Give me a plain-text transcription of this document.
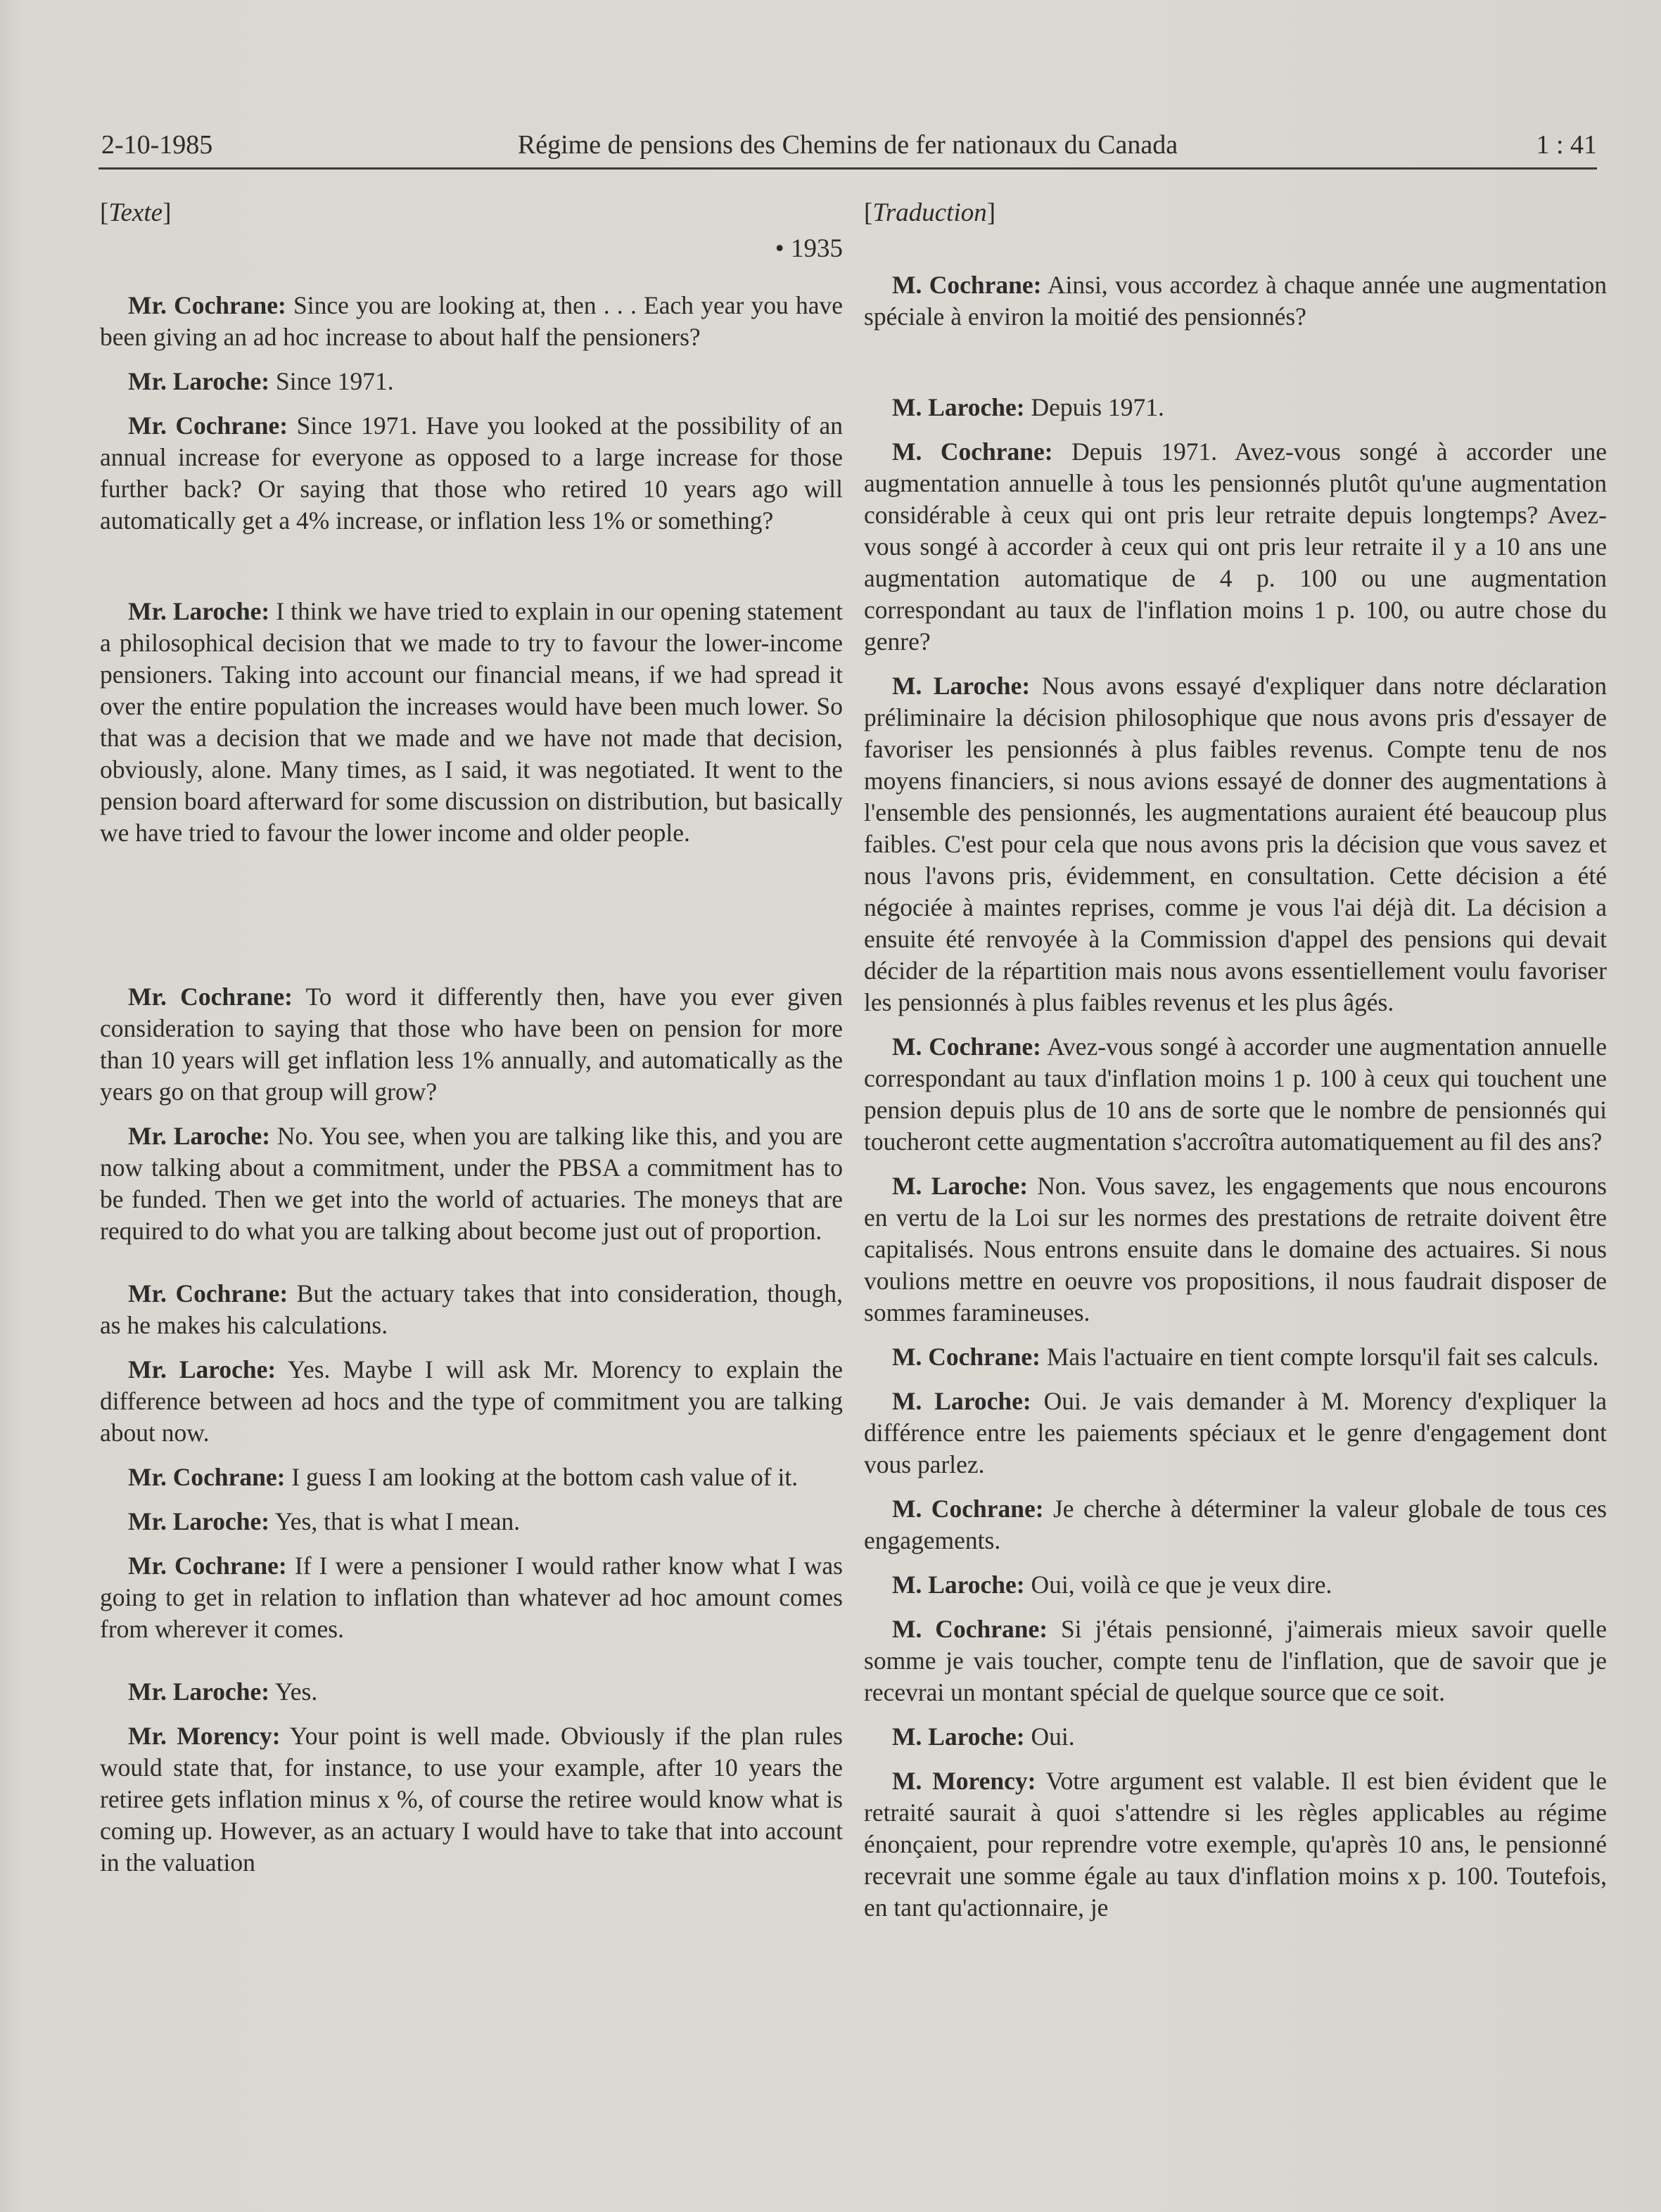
2-10-1985	Régime de pensions des Chemins de fer nationaux du Canada	1 : 41
[Texte]
• 1935

Mr. Cochrane: Since you are looking at, then . . . Each year you have been giving an ad hoc increase to about half the pensioners?

Mr. Laroche: Since 1971.

Mr. Cochrane: Since 1971. Have you looked at the possibility of an annual increase for everyone as opposed to a large increase for those further back? Or saying that those who retired 10 years ago will automatically get a 4% increase, or inflation less 1% or something?

Mr. Laroche: I think we have tried to explain in our opening statement a philosophical decision that we made to try to favour the lower-income pensioners. Taking into account our financial means, if we had spread it over the entire population the increases would have been much lower. So that was a decision that we made and we have not made that decision, obviously, alone. Many times, as I said, it was negotiated. It went to the pension board afterward for some discussion on distribution, but basically we have tried to favour the lower income and older people.

Mr. Cochrane: To word it differently then, have you ever given consideration to saying that those who have been on pension for more than 10 years will get inflation less 1% annually, and automatically as the years go on that group will grow?

Mr. Laroche: No. You see, when you are talking like this, and you are now talking about a commitment, under the PBSA a commitment has to be funded. Then we get into the world of actuaries. The moneys that are required to do what you are talking about become just out of proportion.

Mr. Cochrane: But the actuary takes that into consideration, though, as he makes his calculations.

Mr. Laroche: Yes. Maybe I will ask Mr. Morency to explain the difference between ad hocs and the type of commitment you are talking about now.

Mr. Cochrane: I guess I am looking at the bottom cash value of it.

Mr. Laroche: Yes, that is what I mean.

Mr. Cochrane: If I were a pensioner I would rather know what I was going to get in relation to inflation than whatever ad hoc amount comes from wherever it comes.

Mr. Laroche: Yes.

Mr. Morency: Your point is well made. Obviously if the plan rules would state that, for instance, to use your example, after 10 years the retiree gets inflation minus x %, of course the retiree would know what is coming up. However, as an actuary I would have to take that into account in the valuation

[Traduction]

M. Cochrane: Ainsi, vous accordez à chaque année une augmentation spéciale à environ la moitié des pensionnés?

M. Laroche: Depuis 1971.

M. Cochrane: Depuis 1971. Avez-vous songé à accorder une augmentation annuelle à tous les pensionnés plutôt qu'une augmentation considérable à ceux qui ont pris leur retraite depuis longtemps? Avez-vous songé à accorder à ceux qui ont pris leur retraite il y a 10 ans une augmentation automatique de 4 p. 100 ou une augmentation correspondant au taux de l'inflation moins 1 p. 100, ou autre chose du genre?

M. Laroche: Nous avons essayé d'expliquer dans notre déclaration préliminaire la décision philosophique que nous avons pris d'essayer de favoriser les pensionnés à plus faibles revenus. Compte tenu de nos moyens financiers, si nous avions essayé de donner des augmentations à l'ensemble des pensionnés, les augmentations auraient été beaucoup plus faibles. C'est pour cela que nous avons pris la décision que vous savez et nous l'avons pris, évidemment, en consultation. Cette décision a été négociée à maintes reprises, comme je vous l'ai déjà dit. La décision a ensuite été renvoyée à la Commission d'appel des pensions qui devait décider de la répartition mais nous avons essentiellement voulu favoriser les pensionnés à plus faibles revenus et les plus âgés.

M. Cochrane: Avez-vous songé à accorder une augmentation annuelle correspondant au taux d'inflation moins 1 p. 100 à ceux qui touchent une pension depuis plus de 10 ans de sorte que le nombre de pensionnés qui toucheront cette augmentation s'accroîtra automatiquement au fil des ans?

M. Laroche: Non. Vous savez, les engagements que nous encourons en vertu de la Loi sur les normes des prestations de retraite doivent être capitalisés. Nous entrons ensuite dans le domaine des actuaires. Si nous voulions mettre en oeuvre vos propositions, il nous faudrait disposer de sommes faramineuses.

M. Cochrane: Mais l'actuaire en tient compte lorsqu'il fait ses calculs.

M. Laroche: Oui. Je vais demander à M. Morency d'expliquer la différence entre les paiements spéciaux et le genre d'engagement dont vous parlez.

M. Cochrane: Je cherche à déterminer la valeur globale de tous ces engagements.

M. Laroche: Oui, voilà ce que je veux dire.

M. Cochrane: Si j'étais pensionné, j'aimerais mieux savoir quelle somme je vais toucher, compte tenu de l'inflation, que de savoir que je recevrai un montant spécial de quelque source que ce soit.

M. Laroche: Oui.

M. Morency: Votre argument est valable. Il est bien évident que le retraité saurait à quoi s'attendre si les règles applicables au régime énonçaient, pour reprendre votre exemple, qu'après 10 ans, le pensionné recevrait une somme égale au taux d'inflation moins x p. 100. Toutefois, en tant qu'actionnaire, je
